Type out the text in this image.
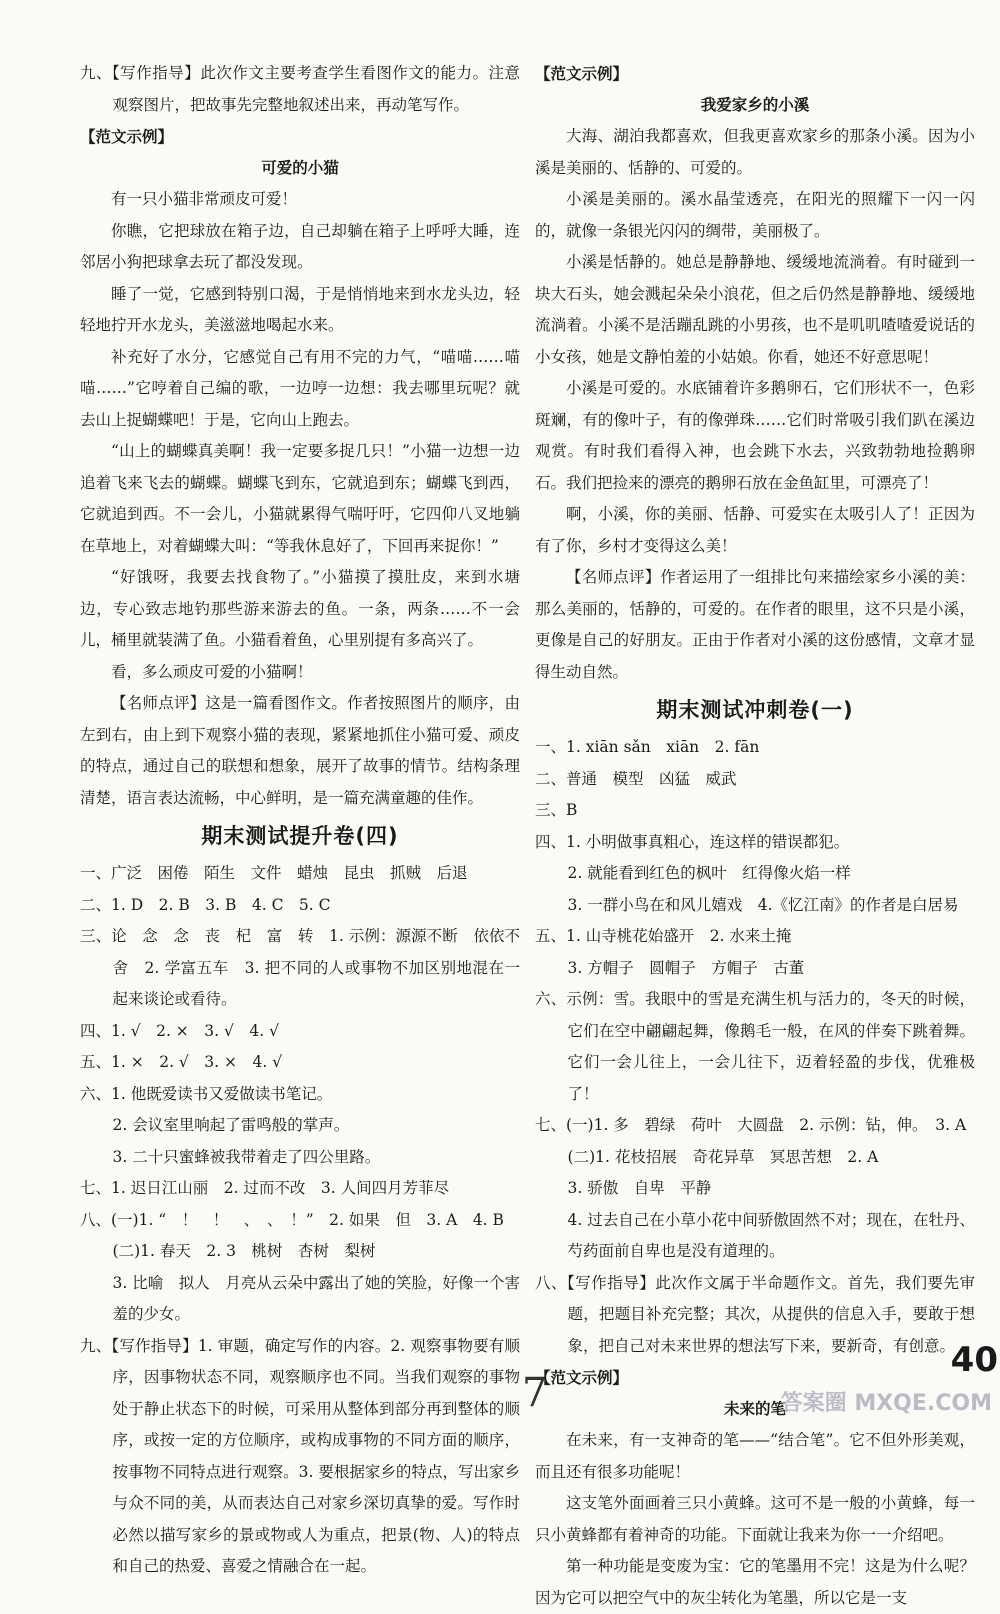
九、【写作指导】此次作文主要考查学生看图作文的能力。注意观察图片，把故事先完整地叙述出来，再动笔写作。

【范文示例】

可爱的小猫

有一只小猫非常顽皮可爱！

你瞧，它把球放在箱子边，自己却躺在箱子上呼呼大睡，连邻居小狗把球拿去玩了都没发现。

睡了一觉，它感到特别口渴，于是悄悄地来到水龙头边，轻轻地拧开水龙头，美滋滋地喝起水来。

补充好了水分，它感觉自己有用不完的力气，“喵喵……喵喵……”它哼着自己编的歌，一边哼一边想：我去哪里玩呢？就去山上捉蝴蝶吧！于是，它向山上跑去。

“山上的蝴蝶真美啊！我一定要多捉几只！”小猫一边想一边追着飞来飞去的蝴蝶。蝴蝶飞到东，它就追到东；蝴蝶飞到西，它就追到西。不一会儿，小猫就累得气喘吁吁，它四仰八叉地躺在草地上，对着蝴蝶大叫：“等我休息好了，下回再来捉你！”

“好饿呀，我要去找食物了。”小猫摸了摸肚皮，来到水塘边，专心致志地钓那些游来游去的鱼。一条，两条……不一会儿，桶里就装满了鱼。小猫看着鱼，心里别提有多高兴了。

看，多么顽皮可爱的小猫啊！

【名师点评】这是一篇看图作文。作者按照图片的顺序，由左到右，由上到下观察小猫的表现，紧紧地抓住小猫可爱、顽皮的特点，通过自己的联想和想象，展开了故事的情节。结构条理清楚，语言表达流畅，中心鲜明，是一篇充满童趣的佳作。

期末测试提升卷(四)

一、广泛　困倦　陌生　文件　蜡烛　昆虫　抓贼　后退

二、1. D　2. B　3. B　4. C　5. C

三、论　念　念　丧　杞　富　转　1. 示例：源源不断　依依不舍　2. 学富五车　3. 把不同的人或事物不加区别地混在一起来谈论或看待。

四、1. √　2. ×　3. √　4. √

五、1. ×　2. √　3. ×　4. √

六、1. 他既爱读书又爱做读书笔记。

2. 会议室里响起了雷鸣般的掌声。

3. 二十只蜜蜂被我带着走了四公里路。

七、1. 迟日江山丽　2. 过而不改　3. 人间四月芳菲尽

八、(一)1. “　！　！　、　、　！”　2. 如果　但　3. A　4. B

(二)1. 春天　2. 3　桃树　杏树　梨树

3. 比喻　拟人　月亮从云朵中露出了她的笑脸，好像一个害羞的少女。

九、【写作指导】1. 审题，确定写作的内容。2. 观察事物要有顺序，因事物状态不同，观察顺序也不同。当我们观察的事物处于静止状态下的时候，可采用从整体到部分再到整体的顺序，或按一定的方位顺序，或构成事物的不同方面的顺序，按事物不同特点进行观察。3. 要根据家乡的特点，写出家乡与众不同的美，从而表达自己对家乡深切真挚的爱。写作时必然以描写家乡的景或物或人为重点，把景(物、人)的特点和自己的热爱、喜爱之情融合在一起。

【范文示例】

我爱家乡的小溪

大海、湖泊我都喜欢，但我更喜欢家乡的那条小溪。因为小溪是美丽的、恬静的、可爱的。

小溪是美丽的。溪水晶莹透亮，在阳光的照耀下一闪一闪的，就像一条银光闪闪的绸带，美丽极了。

小溪是恬静的。她总是静静地、缓缓地流淌着。有时碰到一块大石头，她会溅起朵朵小浪花，但之后仍然是静静地、缓缓地流淌着。小溪不是活蹦乱跳的小男孩，也不是叽叽喳喳爱说话的小女孩，她是文静怕羞的小姑娘。你看，她还不好意思呢！

小溪是可爱的。水底铺着许多鹅卵石，它们形状不一，色彩斑斓，有的像叶子，有的像弹珠……它们时常吸引我们趴在溪边观赏。有时我们看得入神，也会跳下水去，兴致勃勃地捡鹅卵石。我们把捡来的漂亮的鹅卵石放在金鱼缸里，可漂亮了！

啊，小溪，你的美丽、恬静、可爱实在太吸引人了！正因为有了你，乡村才变得这么美！

【名师点评】作者运用了一组排比句来描绘家乡小溪的美：那么美丽的，恬静的，可爱的。在作者的眼里，这不只是小溪，更像是自己的好朋友。正由于作者对小溪的这份感情，文章才显得生动自然。

期末测试冲刺卷(一)

一、1. xiān sǎn　xiān　2. fān

二、普通　模型　凶猛　威武

三、B

四、1. 小明做事真粗心，连这样的错误都犯。

2. 就能看到红色的枫叶　红得像火焰一样

3. 一群小鸟在和风儿嬉戏　4.《忆江南》的作者是白居易

五、1. 山寺桃花始盛开　2. 水来土掩

3. 方帽子　圆帽子　方帽子　古董

六、示例：雪。我眼中的雪是充满生机与活力的，冬天的时候，它们在空中翩翩起舞，像鹅毛一般，在风的伴奏下跳着舞。它们一会儿往上，一会儿往下，迈着轻盈的步伐，优雅极了！

七、(一)1. 多　碧绿　荷叶　大圆盘　2. 示例：钻，伸。　3. A

(二)1. 花枝招展　奇花异草　冥思苦想　2. A

3. 骄傲　自卑　平静

4. 过去自己在小草小花中间骄傲固然不对；现在，在牡丹、芍药面前自卑也是没有道理的。

八、【写作指导】此次作文属于半命题作文。首先，我们要先审题，把题目补充完整；其次，从提供的信息入手，要敢于想象，把自己对未来世界的想法写下来，要新奇，有创意。

【范文示例】

未来的笔

在未来，有一支神奇的笔——“结合笔”。它不但外形美观，而且还有很多功能呢！

这支笔外面画着三只小黄蜂。这可不是一般的小黄蜂，每一只小黄蜂都有着神奇的功能。下面就让我来为你一一介绍吧。

第一种功能是变废为宝：它的笔墨用不完！这是为什么呢？因为它可以把空气中的灰尘转化为笔墨，所以它是一支

40
7	答案圈 MXQE.COM
